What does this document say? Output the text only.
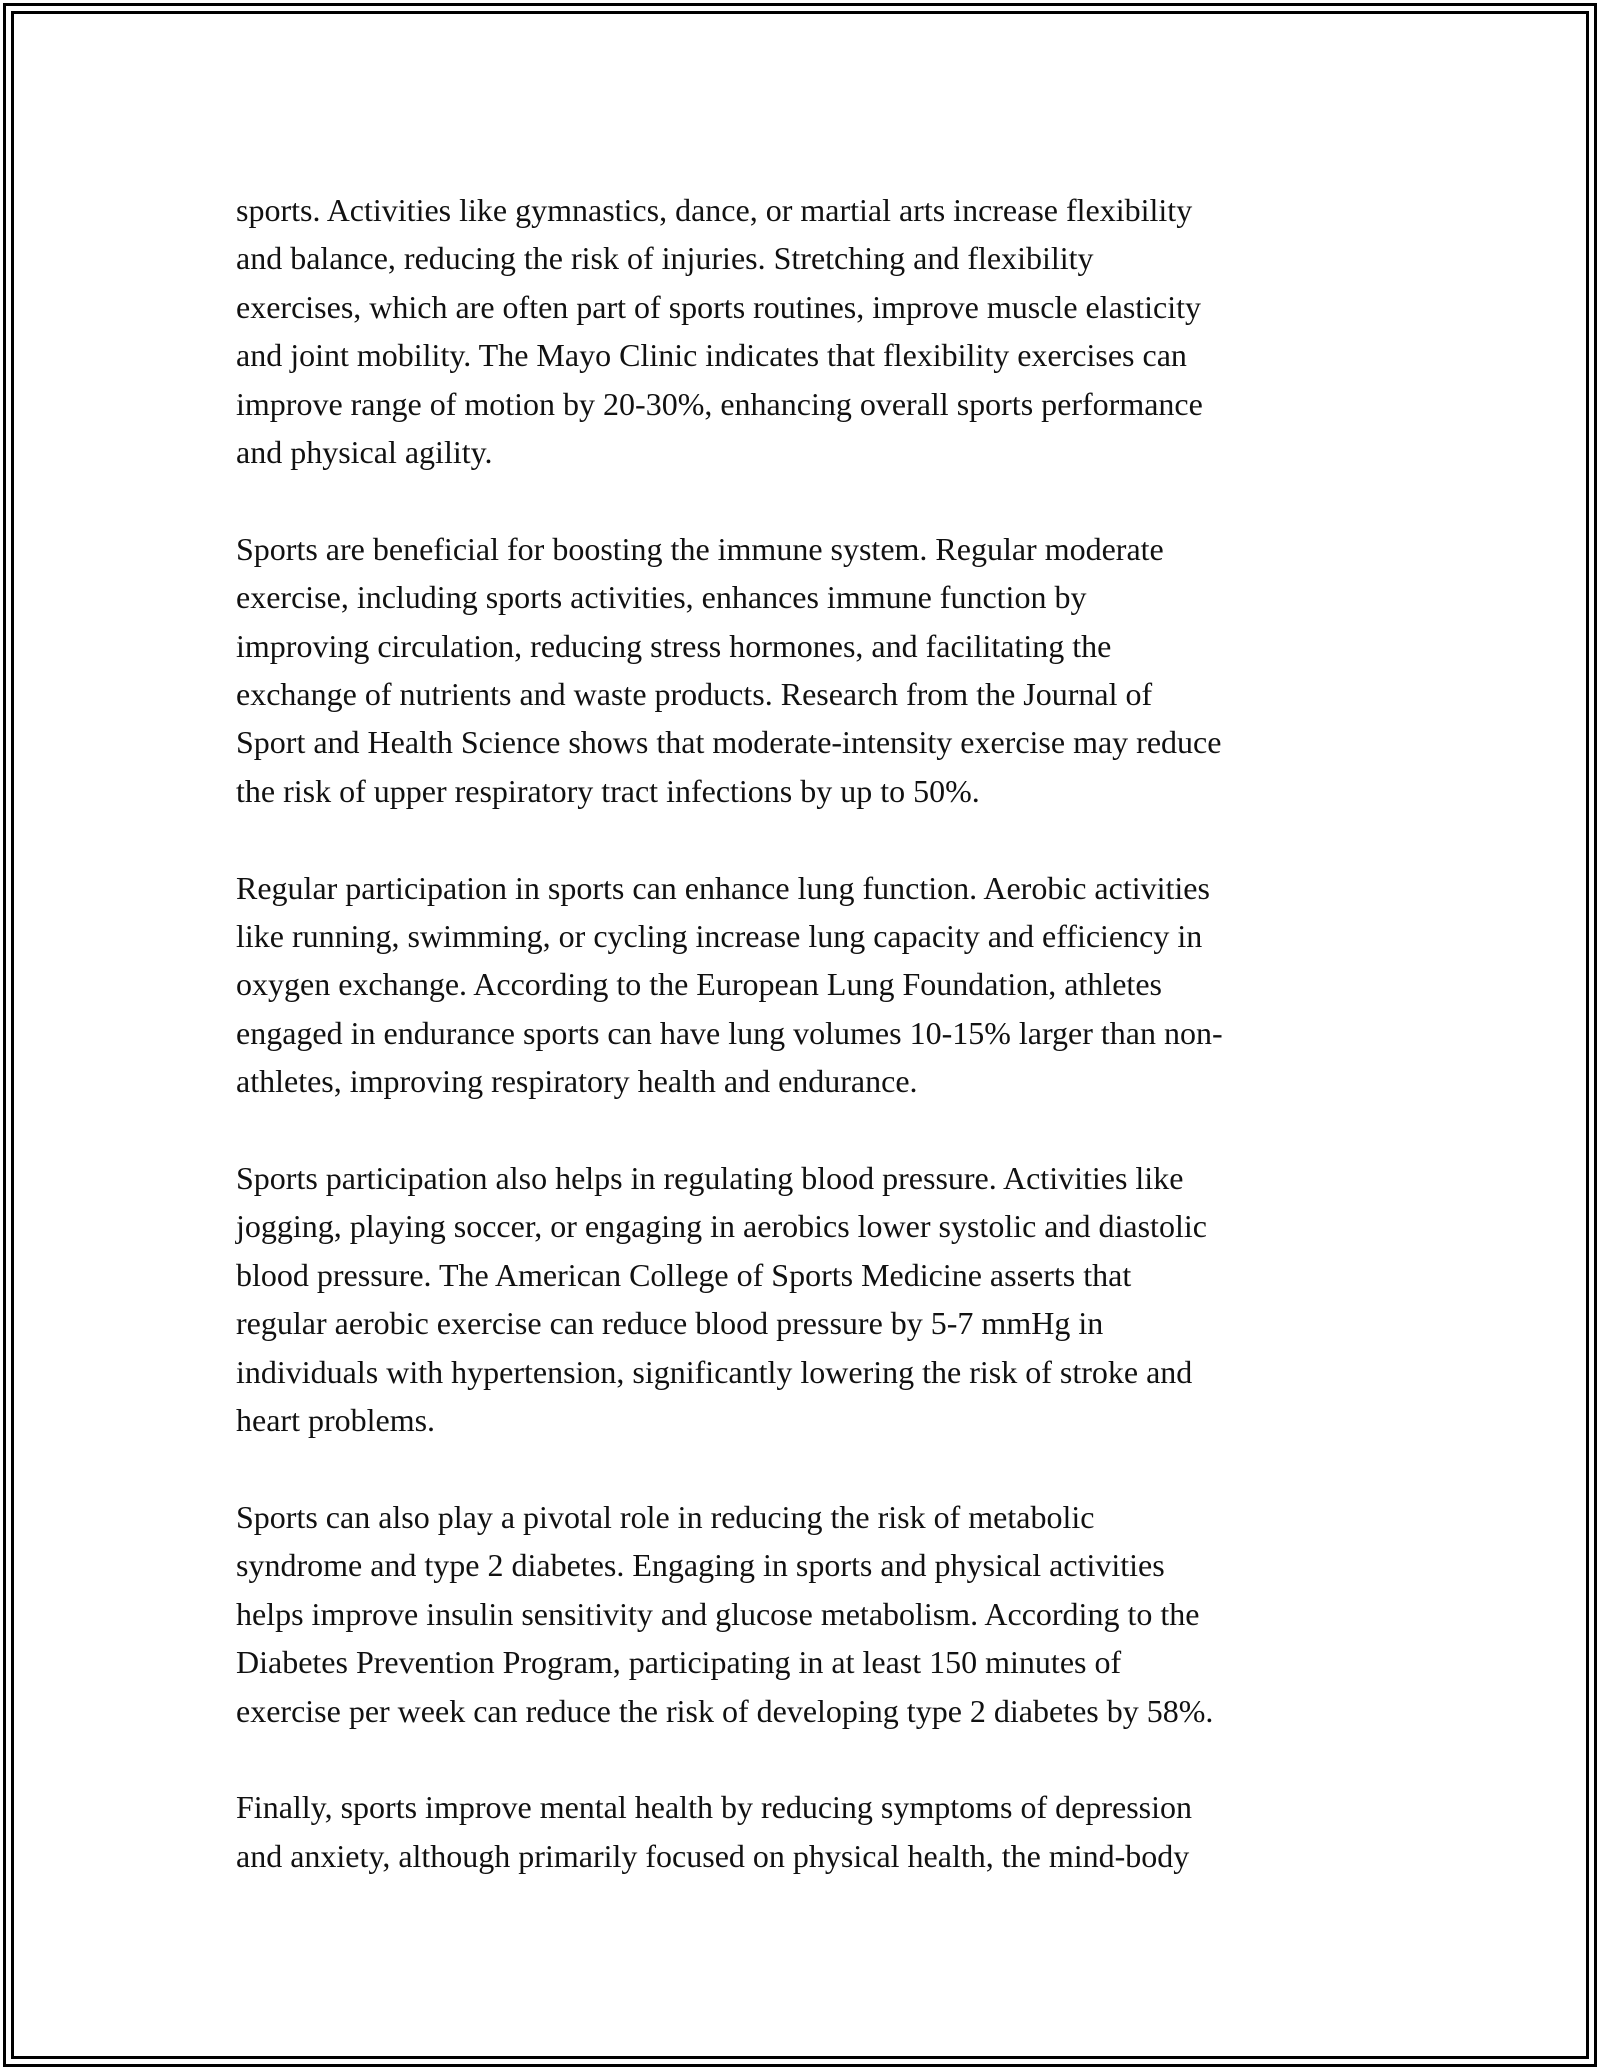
sports. Activities like gymnastics, dance, or martial arts increase flexibility
and balance, reducing the risk of injuries. Stretching and flexibility
exercises, which are often part of sports routines, improve muscle elasticity
and joint mobility. The Mayo Clinic indicates that flexibility exercises can
improve range of motion by 20-30%, enhancing overall sports performance
and physical agility.

Sports are beneficial for boosting the immune system. Regular moderate
exercise, including sports activities, enhances immune function by
improving circulation, reducing stress hormones, and facilitating the
exchange of nutrients and waste products. Research from the Journal of
Sport and Health Science shows that moderate-intensity exercise may reduce
the risk of upper respiratory tract infections by up to 50%.

Regular participation in sports can enhance lung function. Aerobic activities
like running, swimming, or cycling increase lung capacity and efficiency in
oxygen exchange. According to the European Lung Foundation, athletes
engaged in endurance sports can have lung volumes 10-15% larger than non-
athletes, improving respiratory health and endurance.

Sports participation also helps in regulating blood pressure. Activities like
jogging, playing soccer, or engaging in aerobics lower systolic and diastolic
blood pressure. The American College of Sports Medicine asserts that
regular aerobic exercise can reduce blood pressure by 5-7 mmHg in
individuals with hypertension, significantly lowering the risk of stroke and
heart problems.

Sports can also play a pivotal role in reducing the risk of metabolic
syndrome and type 2 diabetes. Engaging in sports and physical activities
helps improve insulin sensitivity and glucose metabolism. According to the
Diabetes Prevention Program, participating in at least 150 minutes of
exercise per week can reduce the risk of developing type 2 diabetes by 58%.

Finally, sports improve mental health by reducing symptoms of depression
and anxiety, although primarily focused on physical health, the mind-body
